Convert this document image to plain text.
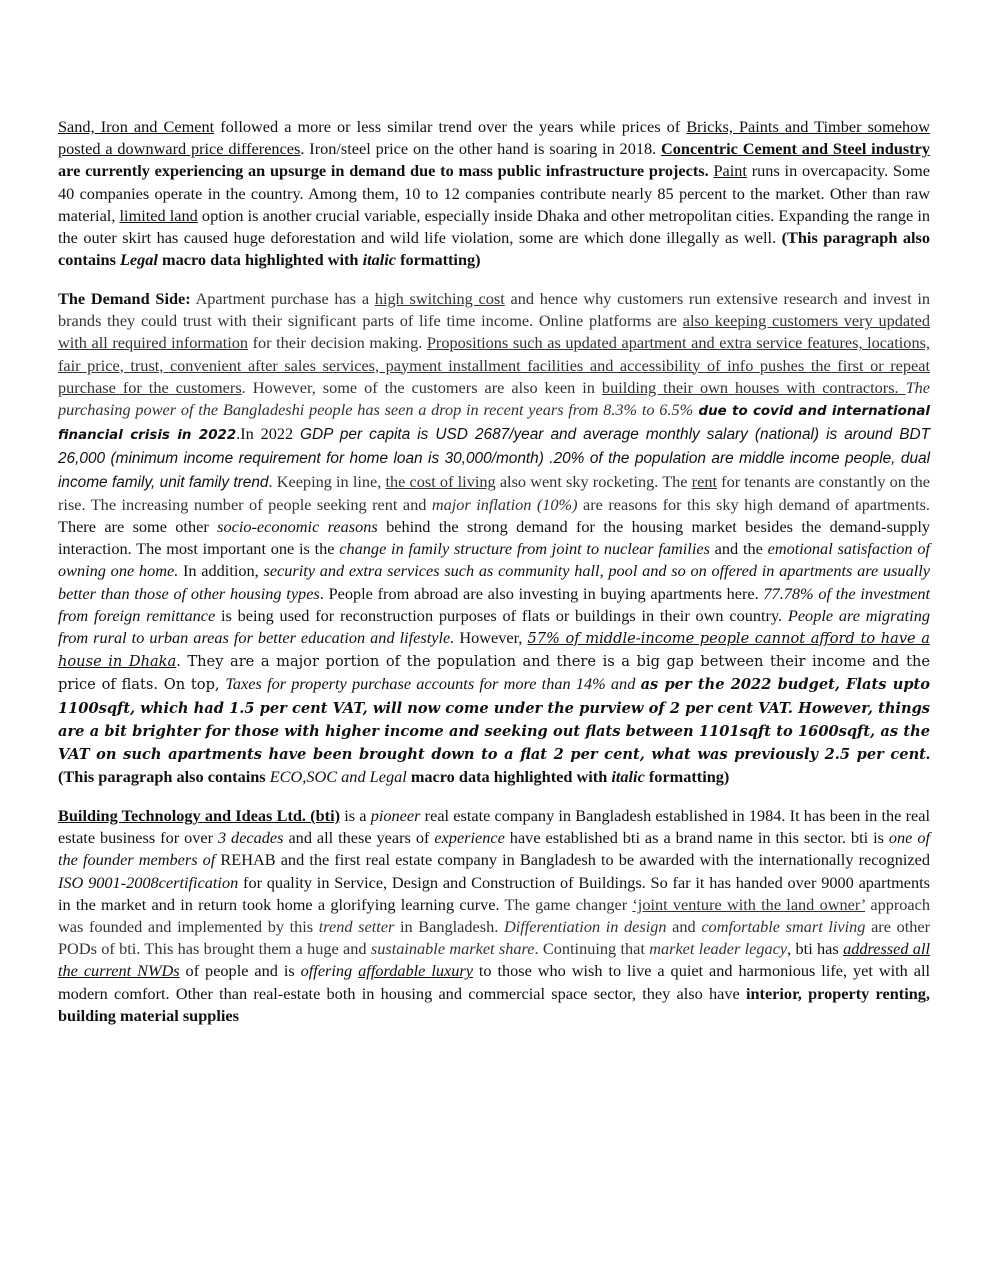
Sand, Iron and Cement followed a more or less similar trend over the years while prices of Bricks, Paints and Timber somehow posted a downward price differences. Iron/steel price on the other hand is soaring in 2018. Concentric Cement and Steel industry are currently experiencing an upsurge in demand due to mass public infrastructure projects. Paint runs in overcapacity. Some 40 companies operate in the country. Among them, 10 to 12 companies contribute nearly 85 percent to the market. Other than raw material, limited land option is another crucial variable, especially inside Dhaka and other metropolitan cities. Expanding the range in the outer skirt has caused huge deforestation and wild life violation, some are which done illegally as well. (This paragraph also contains Legal macro data highlighted with italic formatting)

The Demand Side: Apartment purchase has a high switching cost and hence why customers run extensive research and invest in brands they could trust with their significant parts of life time income. Online platforms are also keeping customers very updated with all required information for their decision making. Propositions such as updated apartment and extra service features, locations, fair price, trust, convenient after sales services, payment installment facilities and accessibility of info pushes the first or repeat purchase for the customers. However, some of the customers are also keen in building their own houses with contractors. The purchasing power of the Bangladeshi people has seen a drop in recent years from 8.3% to 6.5% due to covid and international financial crisis in 2022.In 2022 GDP per capita is USD 2687/year and average monthly salary (national) is around BDT 26,000 (minimum income requirement for home loan is 30,000/month) .20% of the population are middle income people, dual income family, unit family trend. Keeping in line, the cost of living also went sky rocketing. The rent for tenants are constantly on the rise. The increasing number of people seeking rent and major inflation (10%) are reasons for this sky high demand of apartments. There are some other socio-economic reasons behind the strong demand for the housing market besides the demand-supply interaction. The most important one is the change in family structure from joint to nuclear families and the emotional satisfaction of owning one home. In addition, security and extra services such as community hall, pool and so on offered in apartments are usually better than those of other housing types. People from abroad are also investing in buying apartments here. 77.78% of the investment from foreign remittance is being used for reconstruction purposes of flats or buildings in their own country. People are migrating from rural to urban areas for better education and lifestyle. However, 57% of middle-income people cannot afford to have a house in Dhaka. They are a major portion of the population and there is a big gap between their income and the price of flats. On top, Taxes for property purchase accounts for more than 14% and as per the 2022 budget, Flats upto 1100sqft, which had 1.5 per cent VAT, will now come under the purview of 2 per cent VAT. However, things are a bit brighter for those with higher income and seeking out flats between 1101sqft to 1600sqft, as the VAT on such apartments have been brought down to a flat 2 per cent, what was previously 2.5 per cent.(This paragraph also contains ECO,SOC and Legal macro data highlighted with italic formatting)

Building Technology and Ideas Ltd. (bti) is a pioneer real estate company in Bangladesh established in 1984. It has been in the real estate business for over 3 decades and all these years of experience have established bti as a brand name in this sector. bti is one of the founder members of REHAB and the first real estate company in Bangladesh to be awarded with the internationally recognized ISO 9001-2008certification for quality in Service, Design and Construction of Buildings. So far it has handed over 9000 apartments in the market and in return took home a glorifying learning curve. The game changer ‘joint venture with the land owner’ approach was founded and implemented by this trend setter in Bangladesh. Differentiation in design and comfortable smart living are other PODs of bti. This has brought them a huge and sustainable market share. Continuing that market leader legacy, bti has addressed all the current NWDs of people and is offering affordable luxury to those who wish to live a quiet and harmonious life, yet with all modern comfort. Other than real-estate both in housing and commercial space sector, they also have interior, property renting, building material supplies
